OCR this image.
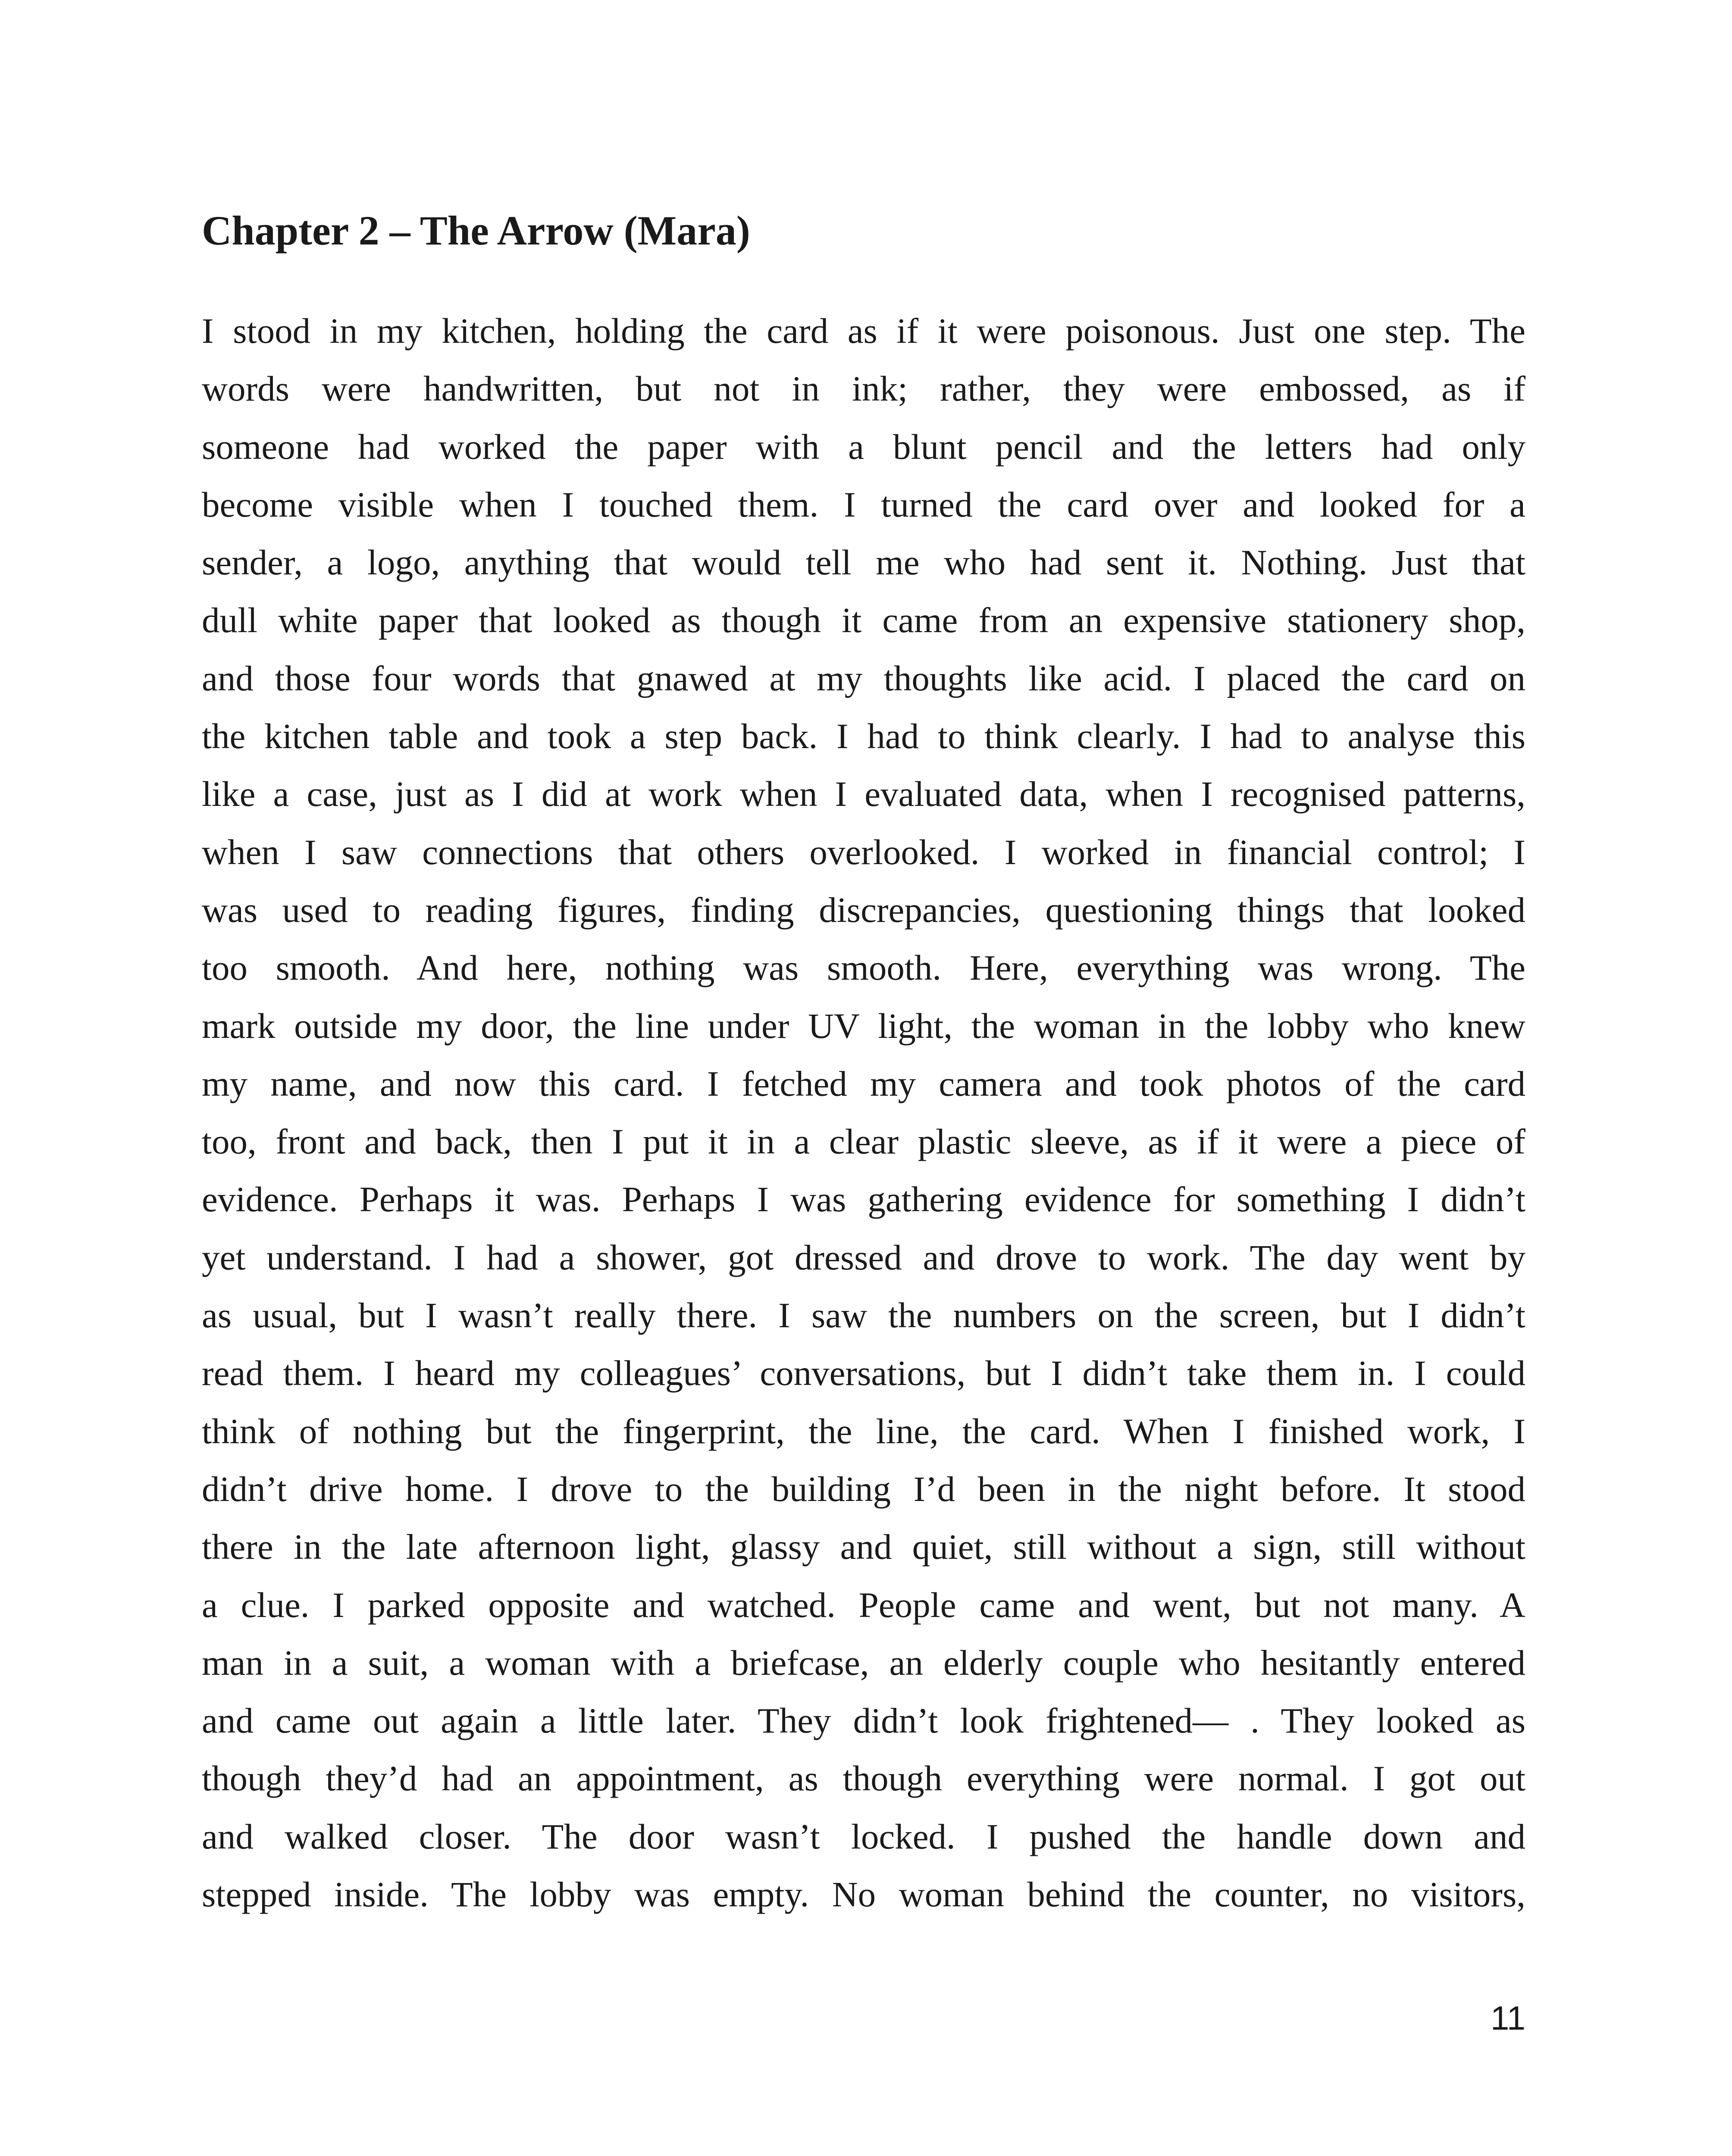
Chapter 2 – The Arrow (Mara)
I stood in my kitchen, holding the card as if it were poisonous. Just one step. The
words were handwritten, but not in ink; rather, they were embossed, as if
someone had worked the paper with a blunt pencil and the letters had only
become visible when I touched them. I turned the card over and looked for a
sender, a logo, anything that would tell me who had sent it. Nothing. Just that
dull white paper that looked as though it came from an expensive stationery shop,
and those four words that gnawed at my thoughts like acid. I placed the card on
the kitchen table and took a step back. I had to think clearly. I had to analyse this
like a case, just as I did at work when I evaluated data, when I recognised patterns,
when I saw connections that others overlooked. I worked in financial control; I
was used to reading figures, finding discrepancies, questioning things that looked
too smooth. And here, nothing was smooth. Here, everything was wrong. The
mark outside my door, the line under UV light, the woman in the lobby who knew
my name, and now this card. I fetched my camera and took photos of the card
too, front and back, then I put it in a clear plastic sleeve, as if it were a piece of
evidence. Perhaps it was. Perhaps I was gathering evidence for something I didn’t
yet understand. I had a shower, got dressed and drove to work. The day went by
as usual, but I wasn’t really there. I saw the numbers on the screen, but I didn’t
read them. I heard my colleagues’ conversations, but I didn’t take them in. I could
think of nothing but the fingerprint, the line, the card. When I finished work, I
didn’t drive home. I drove to the building I’d been in the night before. It stood
there in the late afternoon light, glassy and quiet, still without a sign, still without
a clue. I parked opposite and watched. People came and went, but not many. A
man in a suit, a woman with a briefcase, an elderly couple who hesitantly entered
and came out again a little later. They didn’t look frightened— . They looked as
though they’d had an appointment, as though everything were normal. I got out
and walked closer. The door wasn’t locked. I pushed the handle down and
stepped inside. The lobby was empty. No woman behind the counter, no visitors,
11
